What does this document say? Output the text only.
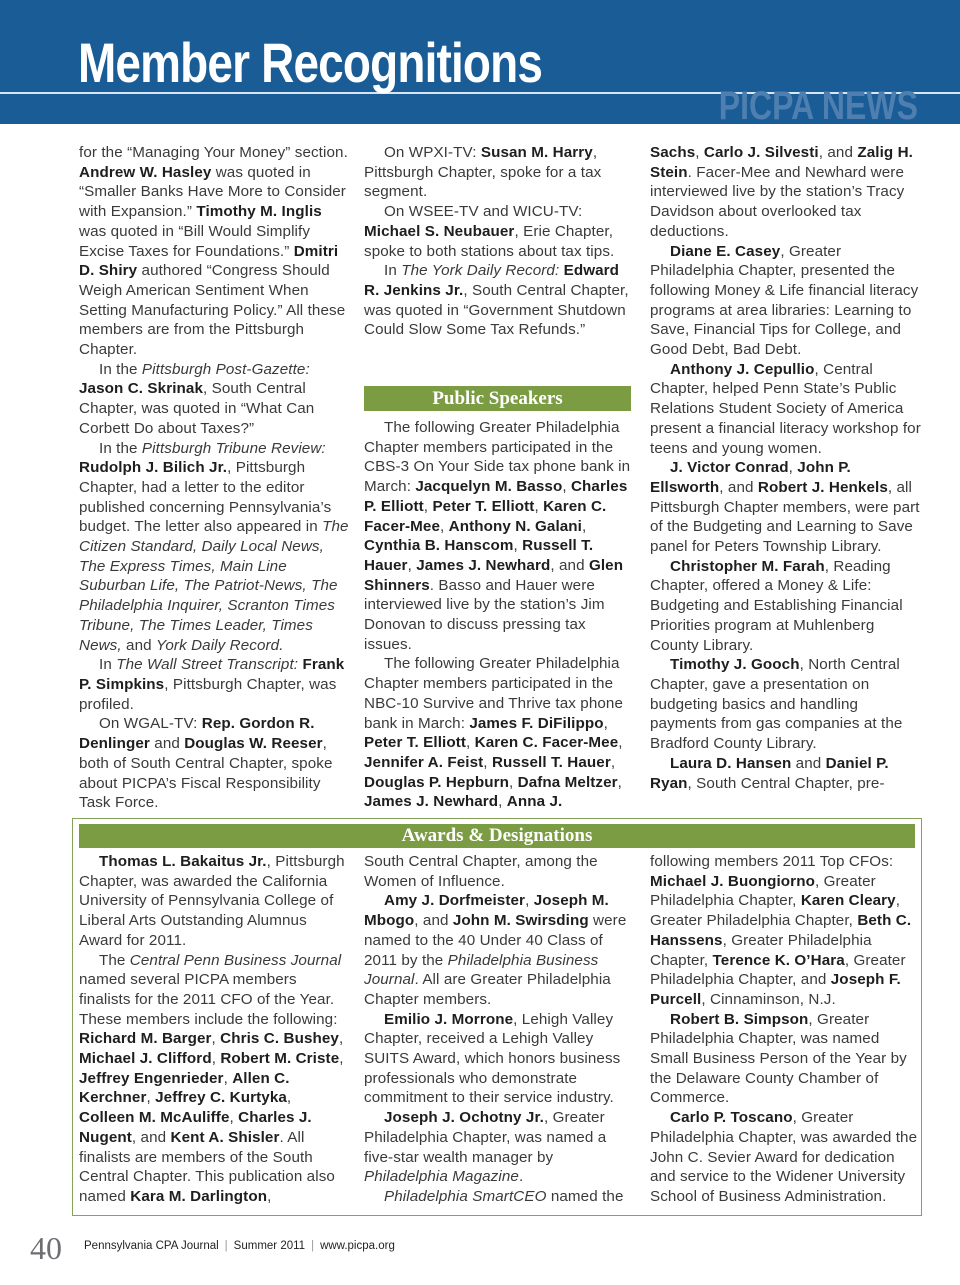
Member Recognitions
PICPA NEWS

for the “Managing Your Money” section. Andrew W. Hasley was quoted in “Smaller Banks Have More to Consider with Expansion.” Timothy M. Inglis was quoted in “Bill Would Simplify Excise Taxes for Foundations.” Dmitri D. Shiry authored “Congress Should Weigh American Sentiment When Setting Manufacturing Policy.” All these members are from the Pittsburgh Chapter.

In the Pittsburgh Post-Gazette: Jason C. Skrinak, South Central Chapter, was quoted in “What Can Corbett Do about Taxes?”

In the Pittsburgh Tribune Review: Rudolph J. Bilich Jr., Pittsburgh Chapter, had a letter to the editor published concerning Pennsylvania’s budget. The letter also appeared in The Citizen Standard, Daily Local News, The Express Times, Main Line Suburban Life, The Patriot-News, The Philadelphia Inquirer, Scranton Times Tribune, The Times Leader, Times News, and York Daily Record.

In The Wall Street Transcript: Frank P. Simpkins, Pittsburgh Chapter, was profiled.

On WGAL-TV: Rep. Gordon R. Denlinger and Douglas W. Reeser, both of South Central Chapter, spoke about PICPA’s Fiscal Responsibility Task Force.

On WPXI-TV: Susan M. Harry, Pittsburgh Chapter, spoke for a tax segment.

On WSEE-TV and WICU-TV: Michael S. Neubauer, Erie Chapter, spoke to both stations about tax tips.

In The York Daily Record: Edward R. Jenkins Jr., South Central Chapter, was quoted in “Government Shutdown Could Slow Some Tax Refunds.”

Public Speakers

The following Greater Philadelphia Chapter members participated in the CBS-3 On Your Side tax phone bank in March: Jacquelyn M. Basso, Charles P. Elliott, Peter T. Elliott, Karen C. Facer-Mee, Anthony N. Galani, Cynthia B. Hanscom, Russell T. Hauer, James J. Newhard, and Glen Shinners. Basso and Hauer were interviewed live by the station’s Jim Donovan to discuss pressing tax issues.

The following Greater Philadelphia Chapter members participated in the NBC-10 Survive and Thrive tax phone bank in March: James F. DiFilippo, Peter T. Elliott, Karen C. Facer-Mee, Jennifer A. Feist, Russell T. Hauer, Douglas P. Hepburn, Dafna Meltzer, James J. Newhard, Anna J.

Sachs, Carlo J. Silvesti, and Zalig H. Stein. Facer-Mee and Newhard were interviewed live by the station’s Tracy Davidson about overlooked tax deductions.

Diane E. Casey, Greater Philadelphia Chapter, presented the following Money & Life financial literacy programs at area libraries: Learning to Save, Financial Tips for College, and Good Debt, Bad Debt.

Anthony J. Cepullio, Central Chapter, helped Penn State’s Public Relations Student Society of America present a financial literacy workshop for teens and young women.

J. Victor Conrad, John P. Ellsworth, and Robert J. Henkels, all Pittsburgh Chapter members, were part of the Budgeting and Learning to Save panel for Peters Township Library.

Christopher M. Farah, Reading Chapter, offered a Money & Life: Budgeting and Establishing Financial Priorities program at Muhlenberg County Library.

Timothy J. Gooch, North Central Chapter, gave a presentation on budgeting basics and handling payments from gas companies at the Bradford County Library.

Laura D. Hansen and Daniel P. Ryan, South Central Chapter, pre-

Awards & Designations

Thomas L. Bakaitus Jr., Pittsburgh Chapter, was awarded the California University of Pennsylvania College of Liberal Arts Outstanding Alumnus Award for 2011.

The Central Penn Business Journal named several PICPA members finalists for the 2011 CFO of the Year. These members include the following: Richard M. Barger, Chris C. Bushey, Michael J. Clifford, Robert M. Criste, Jeffrey Engenrieder, Allen C. Kerchner, Jeffrey C. Kurtyka, Colleen M. McAuliffe, Charles J. Nugent, and Kent A. Shisler. All finalists are members of the South Central Chapter. This publication also named Kara M. Darlington,

South Central Chapter, among the Women of Influence.

Amy J. Dorfmeister, Joseph M. Mbogo, and John M. Swirsding were named to the 40 Under 40 Class of 2011 by the Philadelphia Business Journal. All are Greater Philadelphia Chapter members.

Emilio J. Morrone, Lehigh Valley Chapter, received a Lehigh Valley SUITS Award, which honors business professionals who demonstrate commitment to their service industry.

Joseph J. Ochotny Jr., Greater Philadelphia Chapter, was named a five-star wealth manager by Philadelphia Magazine.

Philadelphia SmartCEO named the

following members 2011 Top CFOs: Michael J. Buongiorno, Greater Philadelphia Chapter, Karen Cleary, Greater Philadelphia Chapter, Beth C. Hanssens, Greater Philadelphia Chapter, Terence K. O’Hara, Greater Philadelphia Chapter, and Joseph F. Purcell, Cinnaminson, N.J.

Robert B. Simpson, Greater Philadelphia Chapter, was named Small Business Person of the Year by the Delaware County Chamber of Commerce.

Carlo P. Toscano, Greater Philadelphia Chapter, was awarded the John C. Sevier Award for dedication and service to the Widener University School of Business Administration.

40 Pennsylvania CPA Journal | Summer 2011 | www.picpa.org
